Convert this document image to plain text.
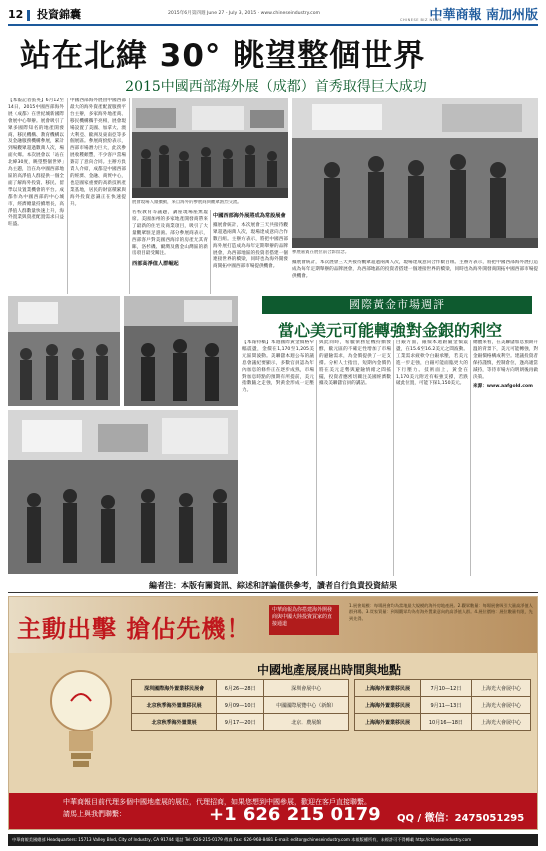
12 投資錦囊	2015年6月第四週 June 27 - July 3, 2015 · www.chineseindustry.com	中華商報 南加州版
CHINESE BIZ NEWS
站在北緯 30° 眺望整個世界
2015中國西部海外展（成都）首秀取得巨大成功

【本報記者張英】6月12至14日，2015中國西部海外展（成都）在世紀城新國際會展中心舉辦。展會吸引了眾多國際知名的地產開發商、移民機構、教育機構以及金融服務機構參展，累計到場觀眾超過數萬人次，場面火爆。本次展會以「站在北緯30度，眺望整個世界」為主題，旨在為中國西部地區的高淨值人群提供一個全面了解海外投資、移民、留學以及置業機會的平台。成都作為中國西部的中心城市，經濟總量持續增長，高淨值人群數量快速上升，海外置業與資產配置需求日益旺盛。

中國西部海外展由中國西部最大的海外資產配置服務平台主辦，多家海外地產商、移民機構攜手亮相，展會現場設置了美國、加拿大、澳大利亞、歐洲及東南亞等多個展區。參展商紛紛表示，西部市場潛力巨大，此次參展收穫頗豐，不少客戶當場簽訂了意向合同。主辦方負責人介紹，成都是中國西部的經濟、金融、商貿中心，也是國家重要的高新技術產業基地，居民的財富積累與海外投資意識正在快速提升。	展會現場人頭攢動，來自海外的參展商與觀眾熱烈交流。

名校教育等議題，講座現場座無虛席。美國加州的多家地產開發商帶來了最新的住宅及商業項目，吸引了大量觀眾駐足諮詢。部分參展商表示，西部客戶對美國西海岸的房產尤其青睞，洛杉磯、爾灣及舊金山灣區的新房項目最受關注。

西部高淨值人群崛起
中國西部海外展將成為常設展會

據展會統計，本次展會三天共接待觀眾超過兩萬人次，現場達成意向合作數百組。主辦方表示，將把中國西部海外展打造成為每年定期舉辦的品牌展會，為西部地區的投資者搭建一個連接世界的橋梁，同時也為海外開發商開拓中國西部市場提供機會。

參展嘉賓在展位前合影留念。

據展會統計，本次展會三天共接待觀眾超過兩萬人次，現場達成意向合作數百組。主辦方表示，將把中國西部海外展打造成為每年定期舉辦的品牌展會，為西部地區的投資者搭建一個連接世界的橋梁，同時也為海外開發商開拓中國西部市場提供機會。

國際黃金市場週評
當心美元可能轉強對金銀的利空

【本報特稿】本週國際黃金價格窄幅震盪，金價在1,170至1,205美元區間波動。美聯儲本週公布的議息會議紀要顯示，多數官員認為年內加息的條件正在逐步成熟，市場對加息時點的預期有所提前，美元指數隨之走強，對黃金形成一定壓力。

與此同時，希臘債務危機持續發酵，歐元區的不確定性增加了市場的避險需求，為金價提供了一定支撐。分析人士指出，短期內金價仍將在美元走勢與避險情緒之間搖擺，投資者應密切關注美國經濟數據及美聯儲官員的講話。

白銀方面，銀價本週跟隨金價震盪，在15.6至16.2美元之間波動。工業需求疲軟令白銀承壓，若美元進一步走強，白銀可能面臨更大的下行壓力。技術面上，黃金在1,170美元附近有較強支撐，若跌破此位置，可能下探1,150美元。

總體來看，在美聯儲加息預期升溫的背景下，美元可能轉強，對金銀價格構成利空。建議投資者保持謹慎，控制倉位，逢高適當減持，等待市場方向明朗後再做決策。

來源：www.aafgold.com

編者注：本版有關資訊、綜述和評論僅供參考，讀者自行負責投資結果
主動出擊 搶佔先機！
中華商報為你搭建海外開發商與中國大陸投資買家的直接通道
1.展會規模：每場展會均為當地最大規模的海外房地產展。2.觀眾數量：每場展會吸引大量高淨值人群到場。3.買家質量：到場觀眾均為有海外置業意向的高淨值人群。4.展位價格：展位數量有限，先到先得。
中國地產展展出時間與地點
深圳國際海外置業移民展會	6月26—28日	深圳會展中心		上海海外置業移民展	7月10—12日	上海光大會展中心
北京秋季海外置業移民展	9月09—10日	中國國際展覽中心（新館）		上海海外置業移民展	9月11—13日	上海光大會展中心
北京秋季海外置業展	9月17—20日	北京．農展館		上海海外置業移民展	10月16—18日	上海光大會展中心
中華商報目前代理多個中國地產展的展位，代理招商，如果您想到中國參展，歡迎在客戶直接聯繫。
請馬上與我們聯繫：	+1 626 215 0179 QQ / 微信：2475051295
中華商報美國總部 Headquarters: 15713 Valley Blvd, City of Industry, CA 91744 電話 Tel: 626-215-0179 傳真 Fax: 626-968-8481 E-mail: editor@chineseindustry.com 本報版權所有，未經許可不得轉載 http://chineseindustry.com
